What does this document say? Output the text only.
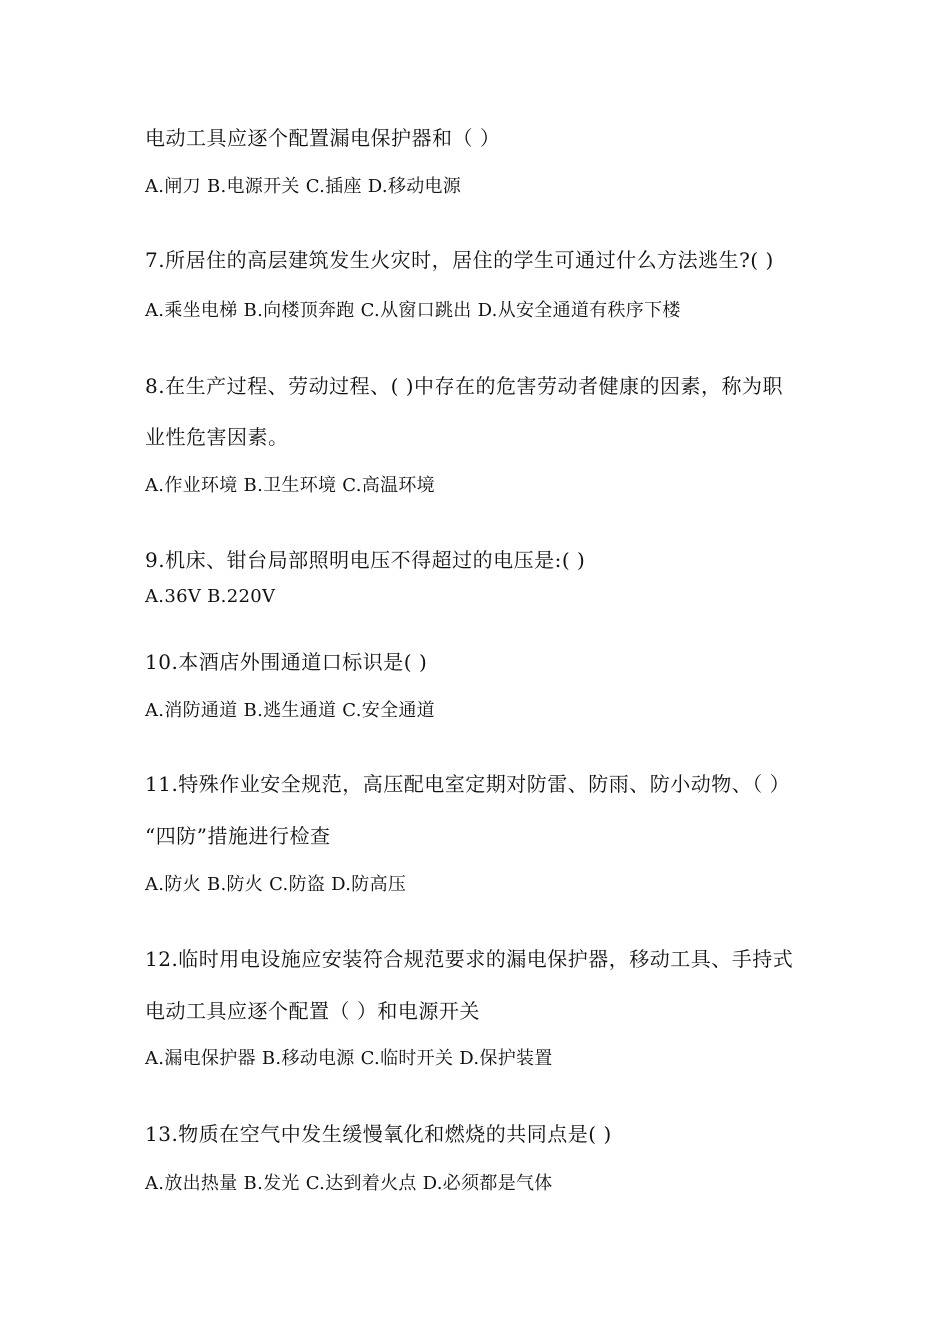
电动工具应逐个配置漏电保护器和（ ）
A.闸刀 B.电源开关 C.插座 D.移动电源
7.所居住的高层建筑发生火灾时，居住的学生可通过什么方法逃生?( )
A.乘坐电梯 B.向楼顶奔跑 C.从窗口跳出 D.从安全通道有秩序下楼
8.在生产过程、劳动过程、( )中存在的危害劳动者健康的因素，称为职
业性危害因素。
A.作业环境 B.卫生环境 C.高温环境
9.机床、钳台局部照明电压不得超过的电压是:( )
A.36V B.220V
10.本酒店外围通道口标识是( )
A.消防通道 B.逃生通道 C.安全通道
11.特殊作业安全规范，高压配电室定期对防雷、防雨、防小动物、（ ）
“四防”措施进行检查
A.防火 B.防火 C.防盗 D.防高压
12.临时用电设施应安装符合规范要求的漏电保护器，移动工具、手持式
电动工具应逐个配置（ ）和电源开关
A.漏电保护器 B.移动电源 C.临时开关 D.保护装置
13.物质在空气中发生缓慢氧化和燃烧的共同点是( )
A.放出热量 B.发光 C.达到着火点 D.必须都是气体
